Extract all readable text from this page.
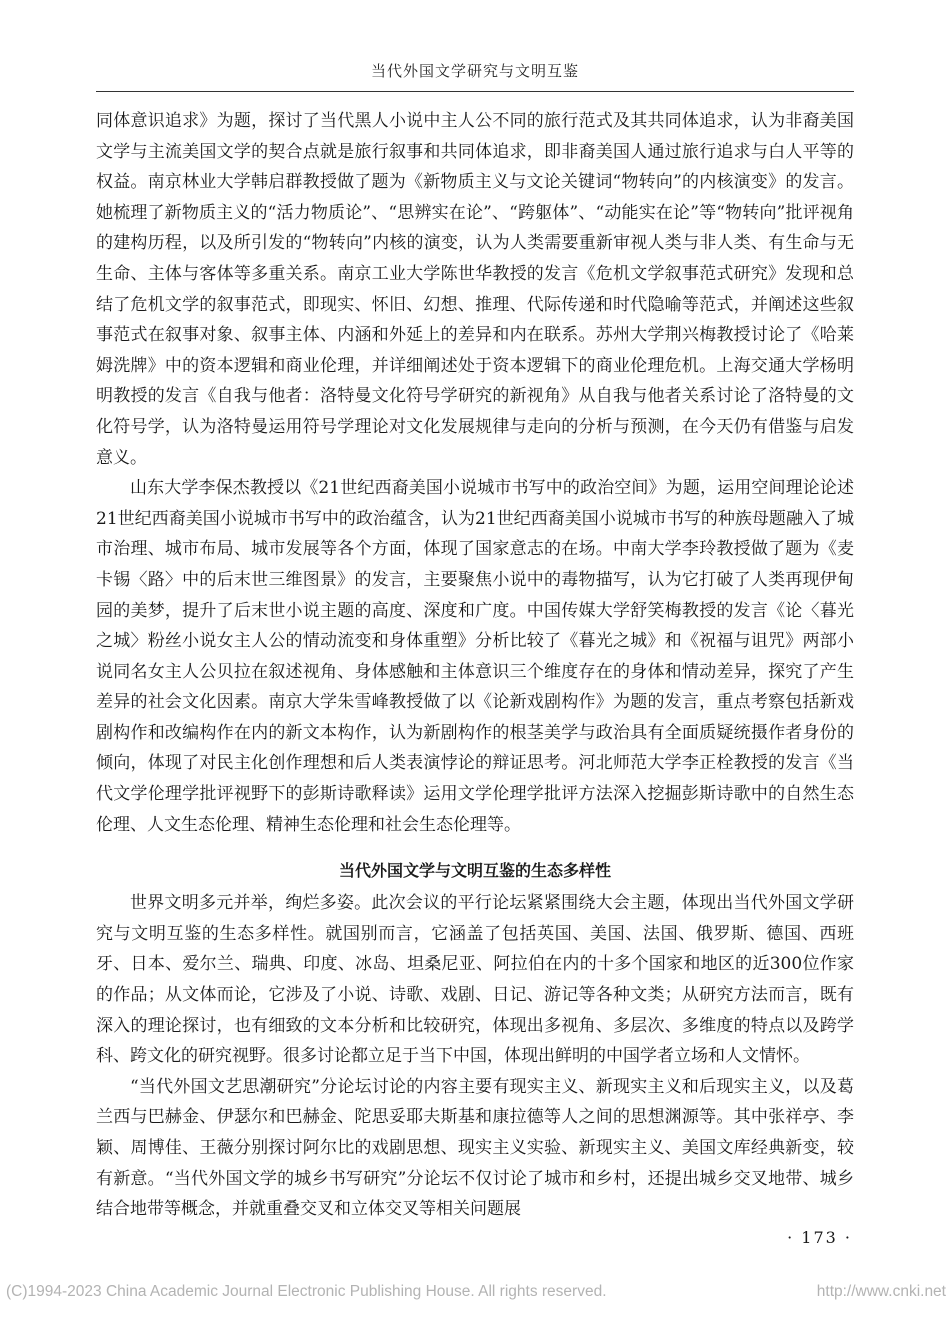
当代外国文学研究与文明互鉴

同体意识追求》为题，探讨了当代黑人小说中主人公不同的旅行范式及其共同体追求，认为非裔美国文学与主流美国文学的契合点就是旅行叙事和共同体追求，即非裔美国人通过旅行追求与白人平等的权益。南京林业大学韩启群教授做了题为《新物质主义与文论关键词“物转向”的内核演变》的发言。她梳理了新物质主义的“活力物质论”、“思辨实在论”、“跨躯体”、“动能实在论”等“物转向”批评视角的建构历程，以及所引发的“物转向”内核的演变，认为人类需要重新审视人类与非人类、有生命与无生命、主体与客体等多重关系。南京工业大学陈世华教授的发言《危机文学叙事范式研究》发现和总结了危机文学的叙事范式，即现实、怀旧、幻想、推理、代际传递和时代隐喻等范式，并阐述这些叙事范式在叙事对象、叙事主体、内涵和外延上的差异和内在联系。苏州大学荆兴梅教授讨论了《哈莱姆洗牌》中的资本逻辑和商业伦理，并详细阐述处于资本逻辑下的商业伦理危机。上海交通大学杨明明教授的发言《自我与他者：洛特曼文化符号学研究的新视角》从自我与他者关系讨论了洛特曼的文化符号学，认为洛特曼运用符号学理论对文化发展规律与走向的分析与预测，在今天仍有借鉴与启发意义。

山东大学李保杰教授以《21世纪西裔美国小说城市书写中的政治空间》为题，运用空间理论论述21世纪西裔美国小说城市书写中的政治蕴含，认为21世纪西裔美国小说城市书写的种族母题融入了城市治理、城市布局、城市发展等各个方面，体现了国家意志的在场。中南大学李玲教授做了题为《麦卡锡〈路〉中的后末世三维图景》的发言，主要聚焦小说中的毒物描写，认为它打破了人类再现伊甸园的美梦，提升了后末世小说主题的高度、深度和广度。中国传媒大学舒笑梅教授的发言《论〈暮光之城〉粉丝小说女主人公的情动流变和身体重塑》分析比较了《暮光之城》和《祝福与诅咒》两部小说同名女主人公贝拉在叙述视角、身体感触和主体意识三个维度存在的身体和情动差异，探究了产生差异的社会文化因素。南京大学朱雪峰教授做了以《论新戏剧构作》为题的发言，重点考察包括新戏剧构作和改编构作在内的新文本构作，认为新剧构作的根茎美学与政治具有全面质疑统摄作者身份的倾向，体现了对民主化创作理想和后人类表演悖论的辩证思考。河北师范大学李正栓教授的发言《当代文学伦理学批评视野下的彭斯诗歌释读》运用文学伦理学批评方法深入挖掘彭斯诗歌中的自然生态伦理、人文生态伦理、精神生态伦理和社会生态伦理等。

当代外国文学与文明互鉴的生态多样性

世界文明多元并举，绚烂多姿。此次会议的平行论坛紧紧围绕大会主题，体现出当代外国文学研究与文明互鉴的生态多样性。就国别而言，它涵盖了包括英国、美国、法国、俄罗斯、德国、西班牙、日本、爱尔兰、瑞典、印度、冰岛、坦桑尼亚、阿拉伯在内的十多个国家和地区的近300位作家的作品；从文体而论，它涉及了小说、诗歌、戏剧、日记、游记等各种文类；从研究方法而言，既有深入的理论探讨，也有细致的文本分析和比较研究，体现出多视角、多层次、多维度的特点以及跨学科、跨文化的研究视野。很多讨论都立足于当下中国，体现出鲜明的中国学者立场和人文情怀。

“当代外国文艺思潮研究”分论坛讨论的内容主要有现实主义、新现实主义和后现实主义，以及葛兰西与巴赫金、伊瑟尔和巴赫金、陀思妥耶夫斯基和康拉德等人之间的思想渊源等。其中张祥亭、李颖、周博佳、王薇分别探讨阿尔比的戏剧思想、现实主义实验、新现实主义、美国文库经典新变，较有新意。“当代外国文学的城乡书写研究”分论坛不仅讨论了城市和乡村，还提出城乡交叉地带、城乡结合地带等概念，并就重叠交叉和立体交叉等相关问题展

· 173 ·
(C)1994-2023 China Academic Journal Electronic Publishing House. All rights reserved.	http://www.cnki.net
